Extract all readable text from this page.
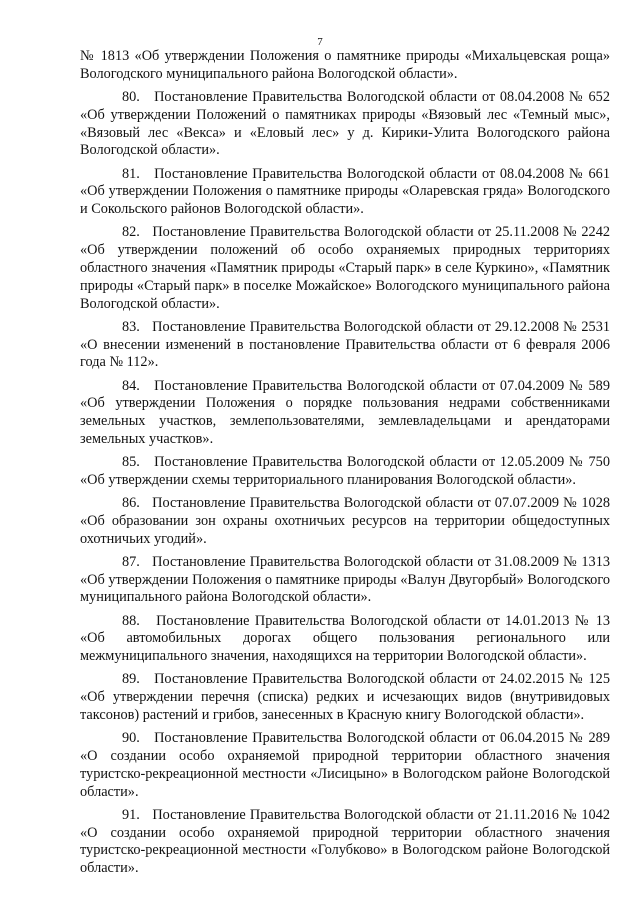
7

№ 1813 «Об утверждении Положения о памятнике природы «Михальцевская роща» Вологодского муниципального района Вологодской области».

80. Постановление Правительства Вологодской области от 08.04.2008 № 652 «Об утверждении Положений о памятниках природы «Вязовый лес «Темный мыс», «Вязовый лес «Векса» и «Еловый лес» у д. Кирики-Улита Вологодского района Вологодской области».

81. Постановление Правительства Вологодской области от 08.04.2008 № 661 «Об утверждении Положения о памятнике природы «Оларевская гряда» Вологодского и Сокольского районов Вологодской области».

82. Постановление Правительства Вологодской области от 25.11.2008 № 2242 «Об утверждении положений об особо охраняемых природных территориях областного значения «Памятник природы «Старый парк» в селе Куркино», «Памятник природы «Старый парк» в поселке Можайское» Вологодского муниципального района Вологодской области».

83. Постановление Правительства Вологодской области от 29.12.2008 № 2531 «О внесении изменений в постановление Правительства области от 6 февраля 2006 года № 112».

84. Постановление Правительства Вологодской области от 07.04.2009 № 589 «Об утверждении Положения о порядке пользования недрами собственниками земельных участков, землепользователями, землевладельцами и арендаторами земельных участков».

85. Постановление Правительства Вологодской области от 12.05.2009 № 750 «Об утверждении схемы территориального планирования Вологодской области».

86. Постановление Правительства Вологодской области от 07.07.2009 № 1028 «Об образовании зон охраны охотничьих ресурсов на территории общедоступных охотничьих угодий».

87. Постановление Правительства Вологодской области от 31.08.2009 № 1313 «Об утверждении Положения о памятнике природы «Валун Двугорбый» Вологодского муниципального района Вологодской области».

88. Постановление Правительства Вологодской области от 14.01.2013 № 13 «Об автомобильных дорогах общего пользования регионального или межмуниципального значения, находящихся на территории Вологодской области».

89. Постановление Правительства Вологодской области от 24.02.2015 № 125 «Об утверждении перечня (списка) редких и исчезающих видов (внутривидовых таксонов) растений и грибов, занесенных в Красную книгу Вологодской области».

90. Постановление Правительства Вологодской области от 06.04.2015 № 289 «О создании особо охраняемой природной территории областного значения туристско-рекреационной местности «Лисицыно» в Вологодском районе Вологодской области».

91. Постановление Правительства Вологодской области от 21.11.2016 № 1042 «О создании особо охраняемой природной территории областного значения туристско-рекреационной местности «Голубково» в Вологодском районе Вологодской области».
